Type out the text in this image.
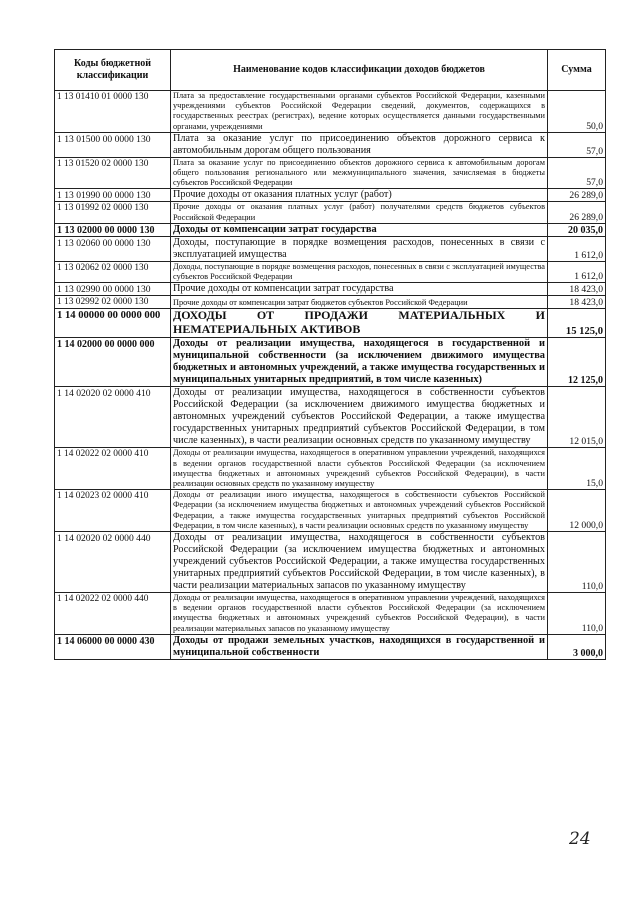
Коды бюджетной классификации	Наименование кодов классификации доходов бюджетов	Сумма
1 13 01410 01 0000 130	Плата за предоставление государственными органами субъектов Российской Федерации, казенными учреждениями субъектов Российской Федерации сведений, документов, содержащихся в государственных реестрах (регистрах), ведение которых осуществляется данными государственными органами, учреждениями	50,0
1 13 01500 00 0000 130	Плата за оказание услуг по присоединению объектов дорожного сервиса к автомобильным дорогам общего пользования	57,0
1 13 01520 02 0000 130	Плата за оказание услуг по присоединению объектов дорожного сервиса к автомобильным дорогам общего пользования регионального или межмуниципального значения, зачисляемая в бюджеты субъектов Российской Федерации	57,0
1 13 01990 00 0000 130	Прочие доходы от оказания платных услуг (работ)	26 289,0
1 13 01992 02 0000 130	Прочие доходы от оказания платных услуг (работ) получателями средств бюджетов субъектов Российской Федерации	26 289,0
1 13 02000 00 0000 130	Доходы от компенсации затрат государства	20 035,0
1 13 02060 00 0000 130	Доходы, поступающие в порядке возмещения расходов, понесенных в связи с эксплуатацией имущества	1 612,0
1 13 02062 02 0000 130	Доходы, поступающие в порядке возмещения расходов, понесенных в связи с эксплуатацией имущества субъектов Российской Федерации	1 612,0
1 13 02990 00 0000 130	Прочие доходы от компенсации затрат государства	18 423,0
1 13 02992 02 0000 130	Прочие доходы от компенсации затрат бюджетов субъектов Российской Федерации	18 423,0
1 14 00000 00 0000 000	ДОХОДЫ ОТ ПРОДАЖИ МАТЕРИАЛЬНЫХ И НЕМАТЕРИАЛЬНЫХ АКТИВОВ	15 125,0
1 14 02000 00 0000 000	Доходы от реализации имущества, находящегося в государственной и муниципальной собственности (за исключением движимого имущества бюджетных и автономных учреждений, а также имущества государственных и муниципальных унитарных предприятий, в том числе казенных)	12 125,0
1 14 02020 02 0000 410	Доходы от реализации имущества, находящегося в собственности субъектов Российской Федерации (за исключением движимого имущества бюджетных и автономных учреждений субъектов Российской Федерации, а также имущества государственных унитарных предприятий субъектов Российской Федерации, в том числе казенных), в части реализации основных средств по указанному имуществу	12 015,0
1 14 02022 02 0000 410	Доходы от реализации имущества, находящегося в оперативном управлении учреждений, находящихся в ведении органов государственной власти субъектов Российской Федерации (за исключением имущества бюджетных и автономных учреждений субъектов Российской Федерации), в части реализации основных средств по указанному имуществу	15,0
1 14 02023 02 0000 410	Доходы от реализации иного имущества, находящегося в собственности субъектов Российской Федерации (за исключением имущества бюджетных и автономных учреждений субъектов Российской Федерации, а также имущества государственных унитарных предприятий субъектов Российской Федерации, в том числе казенных), в части реализации основных средств по указанному имуществу	12 000,0
1 14 02020 02 0000 440	Доходы от реализации имущества, находящегося в собственности субъектов Российской Федерации (за исключением имущества бюджетных и автономных учреждений субъектов Российской Федерации, а также имущества государственных унитарных предприятий субъектов Российской Федерации, в том числе казенных), в части реализации материальных запасов по указанному имуществу	110,0
1 14 02022 02 0000 440	Доходы от реализации имущества, находящегося в оперативном управлении учреждений, находящихся в ведении органов государственной власти субъектов Российской Федерации (за исключением имущества бюджетных и автономных учреждений субъектов Российской Федерации), в части реализации материальных запасов по указанному имуществу	110,0
1 14 06000 00 0000 430	Доходы от продажи земельных участков, находящихся в государственной и муниципальной собственности	3 000,0
24
